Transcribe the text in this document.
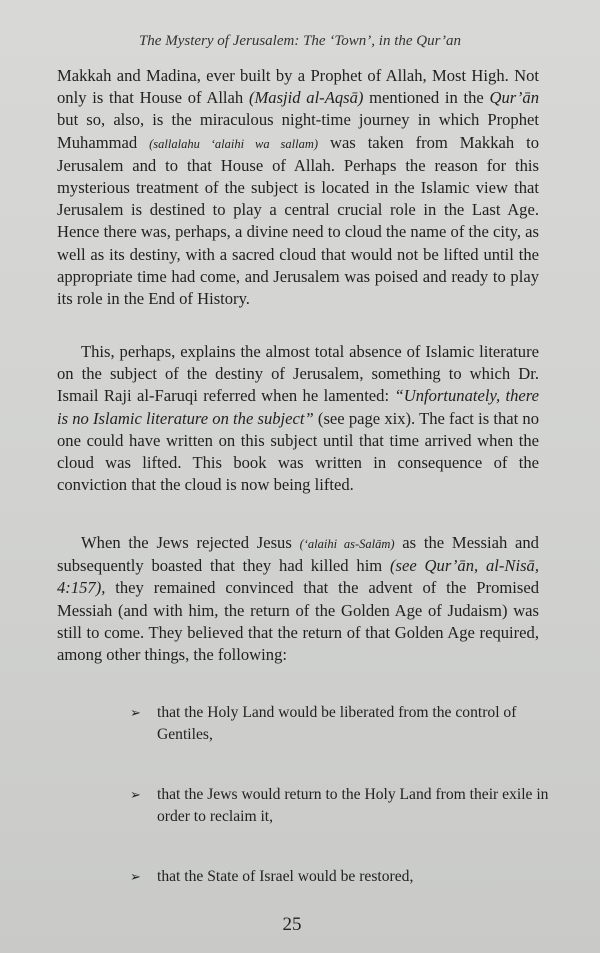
The Mystery of Jerusalem: The ‘Town’, in the Qur’an

Makkah and Madina, ever built by a Prophet of Allah, Most High. Not only is that House of Allah (Masjid al-Aqsā) mentioned in the Qur’ān but so, also, is the miraculous night-time journey in which Prophet Muhammad (sallalahu ‘alaihi wa sallam) was taken from Makkah to Jerusalem and to that House of Allah. Perhaps the reason for this mysterious treatment of the subject is located in the Islamic view that Jerusalem is destined to play a central crucial role in the Last Age. Hence there was, perhaps, a divine need to cloud the name of the city, as well as its destiny, with a sacred cloud that would not be lifted until the appropriate time had come, and Jerusalem was poised and ready to play its role in the End of History.

This, perhaps, explains the almost total absence of Islamic literature on the subject of the destiny of Jerusalem, something to which Dr. Ismail Raji al-Faruqi referred when he lamented: “Unfortunately, there is no Islamic literature on the subject” (see page xix). The fact is that no one could have written on this subject until that time arrived when the cloud was lifted. This book was written in consequence of the conviction that the cloud is now being lifted.

When the Jews rejected Jesus (‘alaihi as-Salām) as the Messiah and subsequently boasted that they had killed him (see Qur’ān, al-Nisā, 4:157), they remained convinced that the advent of the Promised Messiah (and with him, the return of the Golden Age of Judaism) was still to come. They believed that the return of that Golden Age required, among other things, the following:

➢ that the Holy Land would be liberated from the control of Gentiles,
➢ that the Jews would return to the Holy Land from their exile in order to reclaim it,
➢ that the State of Israel would be restored,
25
